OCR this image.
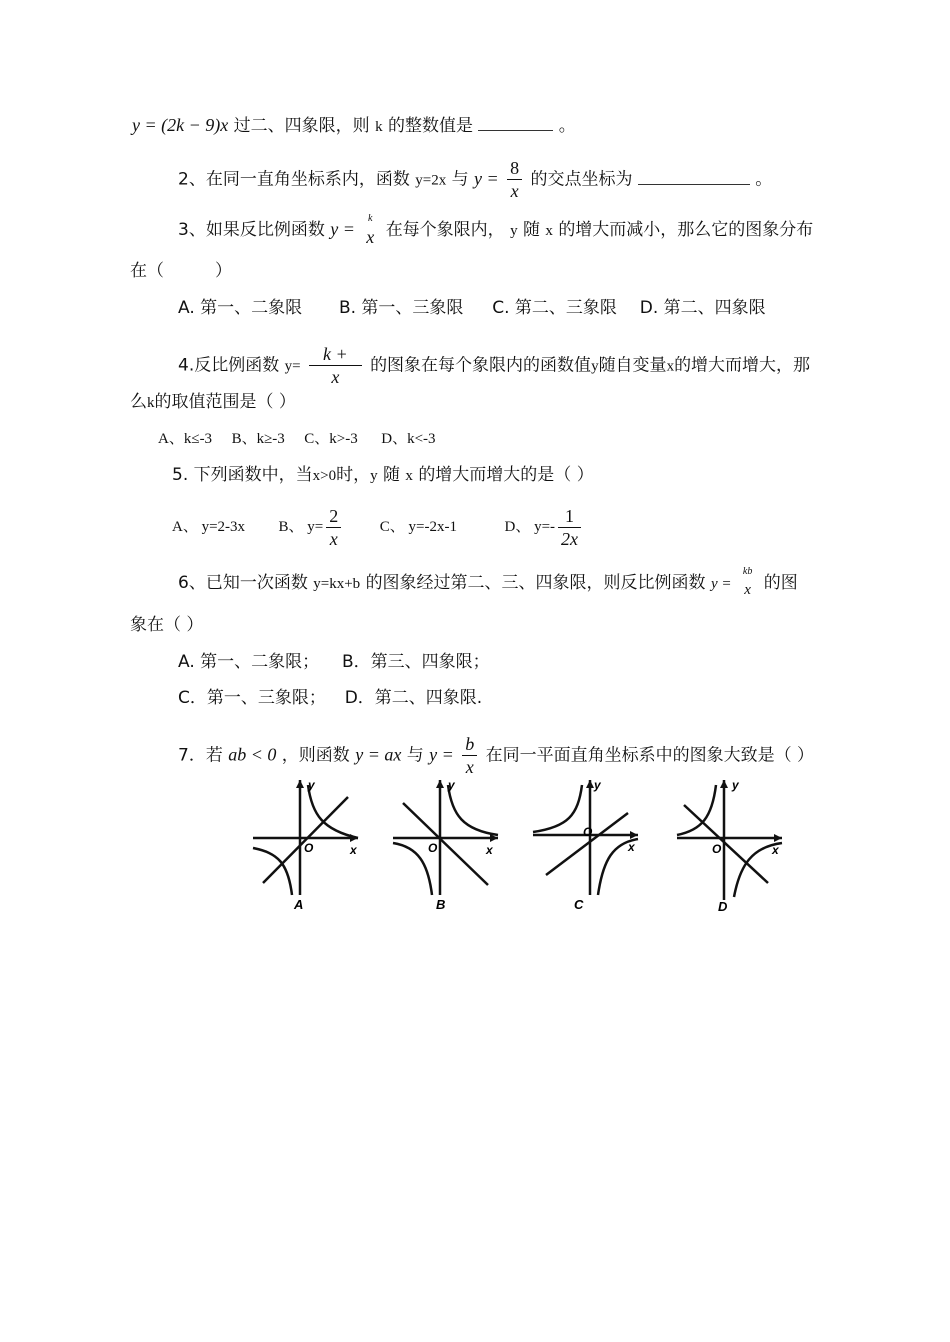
y = (2k − 9)x 过二、四象限，则 k 的整数值是	。
2、在同一直角坐标系内，函数 y=2x 与 $y = \frac{8}{x}$ 的交点坐标为	。
3、如果反比例函数 y =
k
x 在每个象限内， y 随 x 的增大而减小，那么它的图象分布
在（　　　）
A. 第一、二象限 B. 第一、三象限 C. 第二、三象限 D. 第二、四象限
4.反比例函数 $y= \frac{k +}{x}$ 的图象在每个象限内的函数值y随自变量x的增大而增大，那
么k的取值范围是（ ）
A、k≤-3 B、k≥-3 C、k>-3 D、k<-3
5. 下列函数中，当x>0时，y 随 x 的增大而增大的是（ ）
A、 y=2-3x B、 $y= \frac{2}{x}$	C、 y=-2x-1	D、 $y=- \frac{1}{2x}$
6、已知一次函数 y=kx+b 的图象经过第二、三、四象限，则反比例函数 y =
kb
x 的图
象在（ ）
A. 第一、二象限； B．第三、四象限；
C．第一、三象限； D．第二、四象限.
7．若 ab < 0 ，则函数 y = ax 与 $y = \frac{b}{x}$ 在同一平面直角坐标系中的图象大致是（ ）
y
x
O
A
y
x
O
B
y
x
O
C
y
x
O
D
